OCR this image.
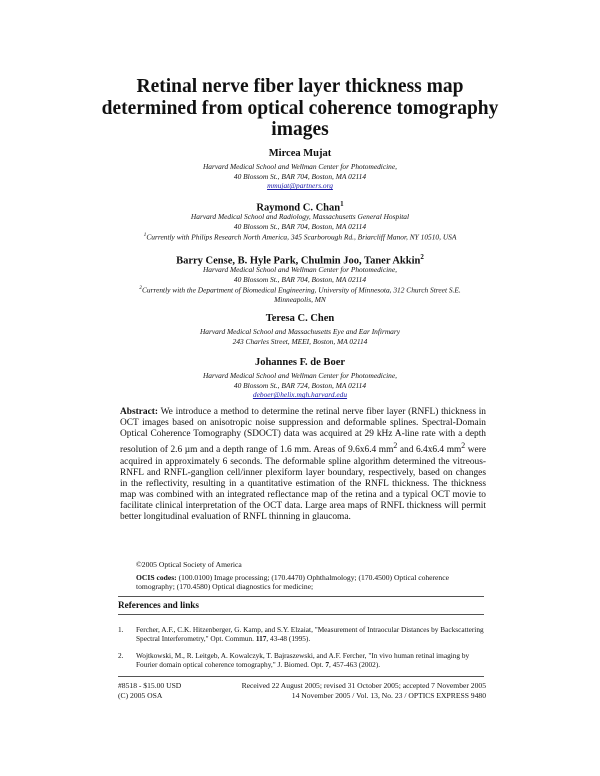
Retinal nerve fiber layer thickness map determined from optical coherence tomography images
Mircea Mujat
Harvard Medical School and Wellman Center for Photomedicine,
40 Blossom St., BAR 704, Boston, MA 02114
mmujat@partners.org
Raymond C. Chan$^1$
Harvard Medical School and Radiology, Massachusetts General Hospital
40 Blossom St., BAR 704, Boston, MA 02114
$^1$Currently with Philips Research North America, 345 Scarborough Rd., Briarcliff Manor, NY 10510, USA
Barry Cense, B. Hyle Park, Chulmin Joo, Taner Akkin$^2$
Harvard Medical School and Wellman Center for Photomedicine,
40 Blossom St., BAR 704, Boston, MA 02114
$^2$Currently with the Department of Biomedical Engineering, University of Minnesota, 312 Church Street S.E.
Minneapolis, MN
Teresa C. Chen
Harvard Medical School and Massachusetts Eye and Ear Infirmary
243 Charles Street, MEEI, Boston, MA 02114
Johannes F. de Boer
Harvard Medical School and Wellman Center for Photomedicine,
40 Blossom St., BAR 724, Boston, MA 02114
deboer@helix.mgh.harvard.edu
Abstract: We introduce a method to determine the retinal nerve fiber layer (RNFL) thickness in OCT images based on anisotropic noise suppression and deformable splines. Spectral-Domain Optical Coherence Tomography (SDOCT) data was acquired at 29 kHz A-line rate with a depth resolution of 2.6 µm and a depth range of 1.6 mm. Areas of 9.6x6.4 $mm^2$ and 6.4x6.4 $mm^2$ were acquired in approximately 6 seconds. The deformable spline algorithm determined the vitreous-RNFL and RNFL-ganglion cell/inner plexiform layer boundary, respectively, based on changes in the reflectivity, resulting in a quantitative estimation of the RNFL thickness. The thickness map was combined with an integrated reflectance map of the retina and a typical OCT movie to facilitate clinical interpretation of the OCT data. Large area maps of RNFL thickness will permit better longitudinal evaluation of RNFL thinning in glaucoma.
©2005 Optical Society of America
OCIS codes: (100.0100) Image processing; (170.4470) Ophthalmology; (170.4500) Optical coherence tomography; (170.4580) Optical diagnostics for medicine;
References and links
1. Fercher, A.F., C.K. Hitzenberger, G. Kamp, and S.Y. Elzaiat, "Measurement of Intraocular Distances by Backscattering Spectral Interferometry," Opt. Commun. 117, 43-48 (1995).
2. Wojtkowski, M., R. Leitgeb, A. Kowalczyk, T. Bajraszewski, and A.F. Fercher, "In vivo human retinal imaging by Fourier domain optical coherence tomography," J. Biomed. Opt. 7, 457-463 (2002).
#8518 - $15.00 USD
(C) 2005 OSA
Received 22 August 2005; revised 31 October 2005; accepted 7 November 2005
14 November 2005 / Vol. 13, No. 23 / OPTICS EXPRESS 9480
